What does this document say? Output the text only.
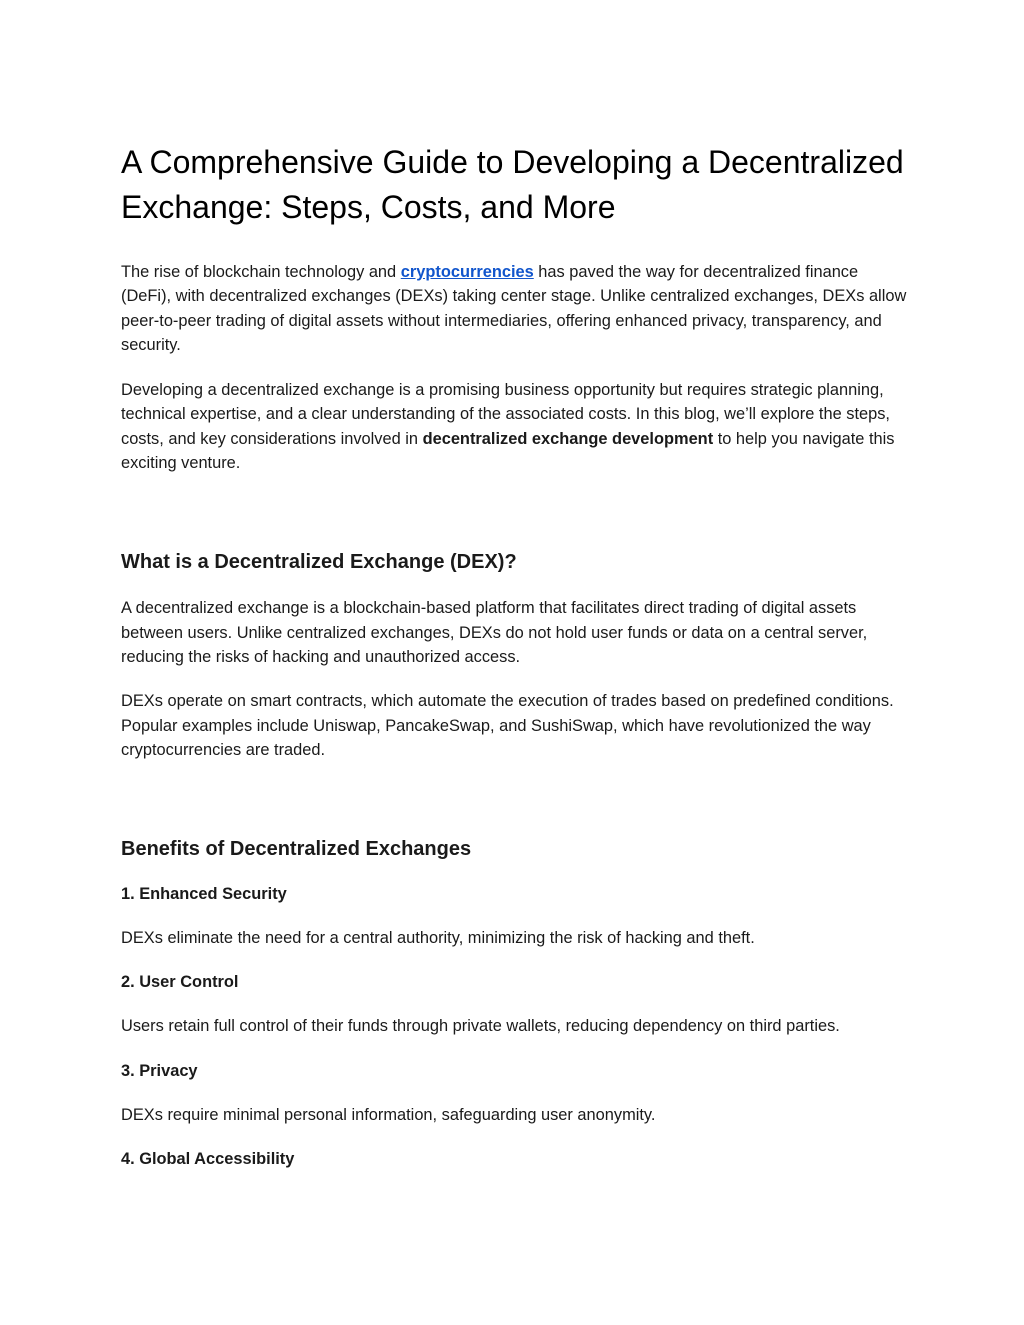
A Comprehensive Guide to Developing a Decentralized Exchange: Steps, Costs, and More

The rise of blockchain technology and cryptocurrencies has paved the way for decentralized finance (DeFi), with decentralized exchanges (DEXs) taking center stage. Unlike centralized exchanges, DEXs allow peer-to-peer trading of digital assets without intermediaries, offering enhanced privacy, transparency, and security.

Developing a decentralized exchange is a promising business opportunity but requires strategic planning, technical expertise, and a clear understanding of the associated costs. In this blog, we’ll explore the steps, costs, and key considerations involved in decentralized exchange development to help you navigate this exciting venture.

What is a Decentralized Exchange (DEX)?

A decentralized exchange is a blockchain-based platform that facilitates direct trading of digital assets between users. Unlike centralized exchanges, DEXs do not hold user funds or data on a central server, reducing the risks of hacking and unauthorized access.

DEXs operate on smart contracts, which automate the execution of trades based on predefined conditions. Popular examples include Uniswap, PancakeSwap, and SushiSwap, which have revolutionized the way cryptocurrencies are traded.

Benefits of Decentralized Exchanges
1. Enhanced Security

DEXs eliminate the need for a central authority, minimizing the risk of hacking and theft.

2. User Control

Users retain full control of their funds through private wallets, reducing dependency on third parties.

3. Privacy

DEXs require minimal personal information, safeguarding user anonymity.

4. Global Accessibility
